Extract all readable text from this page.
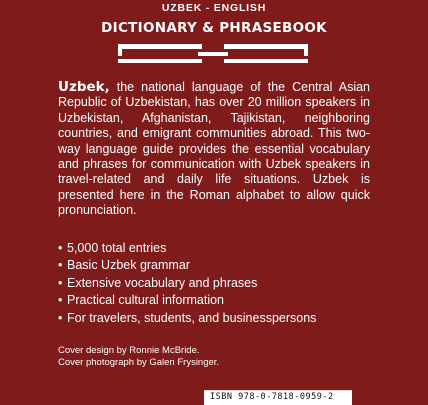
UZBEK - ENGLISH
DICTIONARY & PHRASEBOOK
Uzbek, the national language of the Central Asian Republic of Uzbekistan, has over 20 million speakers in Uzbekistan, Afghanistan, Tajikistan, neighboring countries, and emigrant communities abroad. This two-way language guide provides the essential vocabulary and phrases for communication with Uzbek speakers in travel-related and daily life situations. Uzbek is presented here in the Roman alphabet to allow quick pronunciation.
• 5,000 total entries
• Basic Uzbek grammar
• Extensive vocabulary and phrases
• Practical cultural information
• For travelers, students, and businesspersons
Cover design by Ronnie McBride.
Cover photograph by Galen Frysinger.
ISBN 978-0-7818-0959-2
